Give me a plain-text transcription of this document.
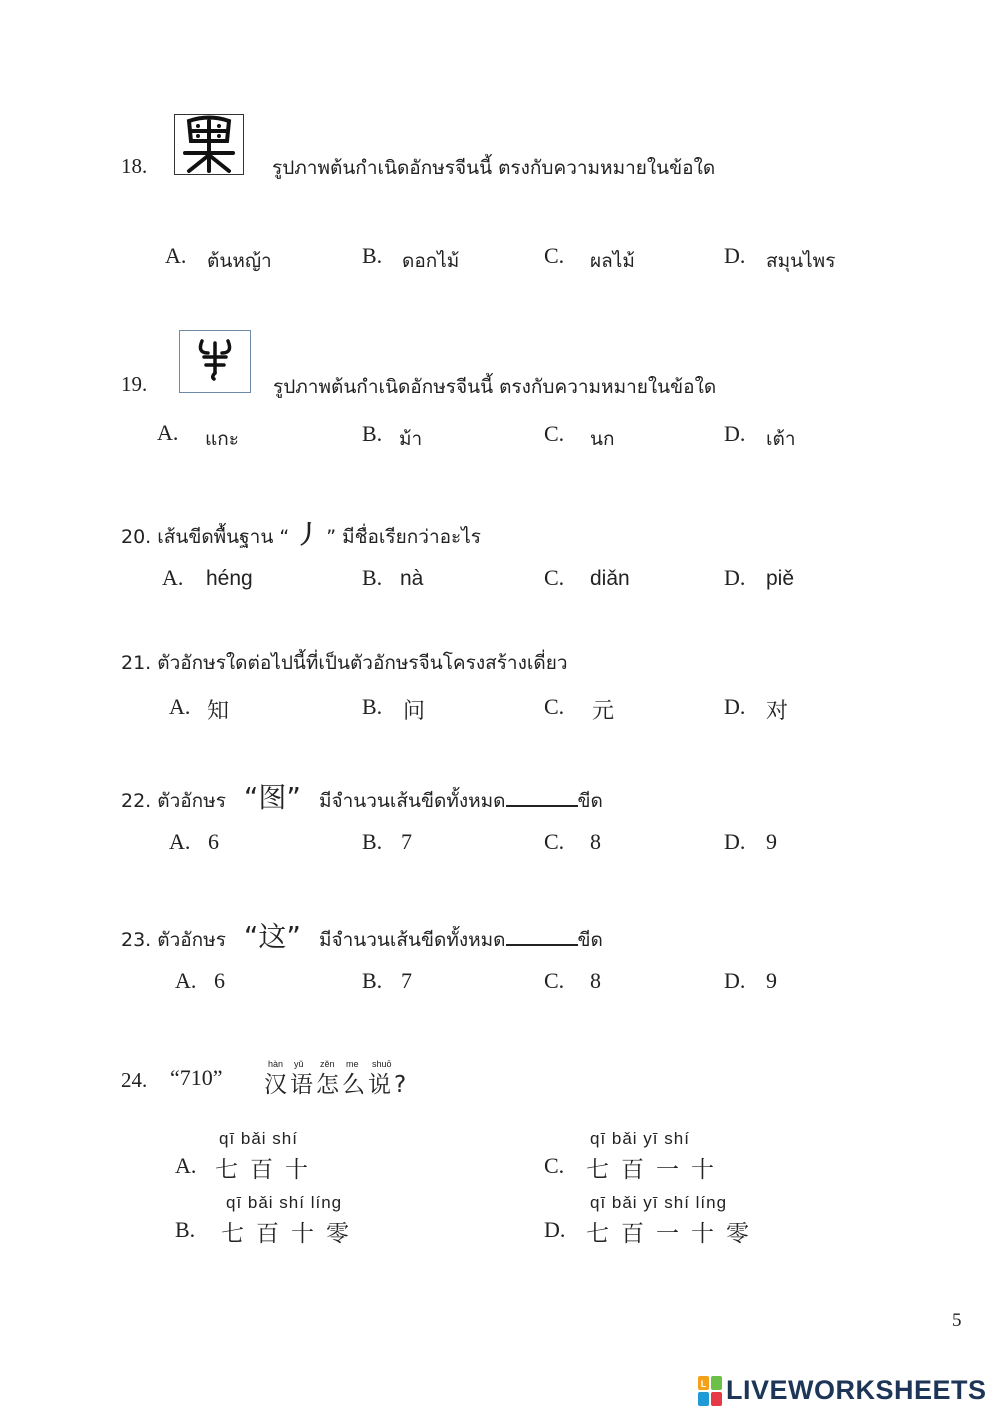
18.	รูปภาพต้นกำเนิดอักษรจีนนี้ ตรงกับความหมายในข้อใด
A. ต้นหญ้า	B. ดอกไม้	C. ผลไม้	D. สมุนไพร
19.	รูปภาพต้นกำเนิดอักษรจีนนี้ ตรงกับความหมายในข้อใด
A. แกะ	B. ม้า	C. นก	D. เต้า
20. เส้นขีดพื้นฐาน “ 丿 ” มีชื่อเรียกว่าอะไร
A. héng	B. nà	C. diǎn	D. piě
21. ตัวอักษรใดต่อไปนี้ที่เป็นตัวอักษรจีนโครงสร้างเดี่ยว
A. 知	B. 问	C. 元	D. 对
22. ตัวอักษร “图” มีจำนวนเส้นขีดทั้งหมด	ขีด
A. 6	B. 7	C. 8	D. 9
23. ตัวอักษร “这” มีจำนวนเส้นขีดทั้งหมด	ขีด
A. 6	B. 7	C. 8	D. 9
24. “710”
hàn yǔ zěn me shuō
汉语怎么说?
qī bǎi shí
A. 七百十
qī bǎi yī shí
C. 七百一十
qī bǎi shí líng
B. 七百十零
qī bǎi yī shí líng
D. 七百一十零
5
L LIVEWORKSHEETS
